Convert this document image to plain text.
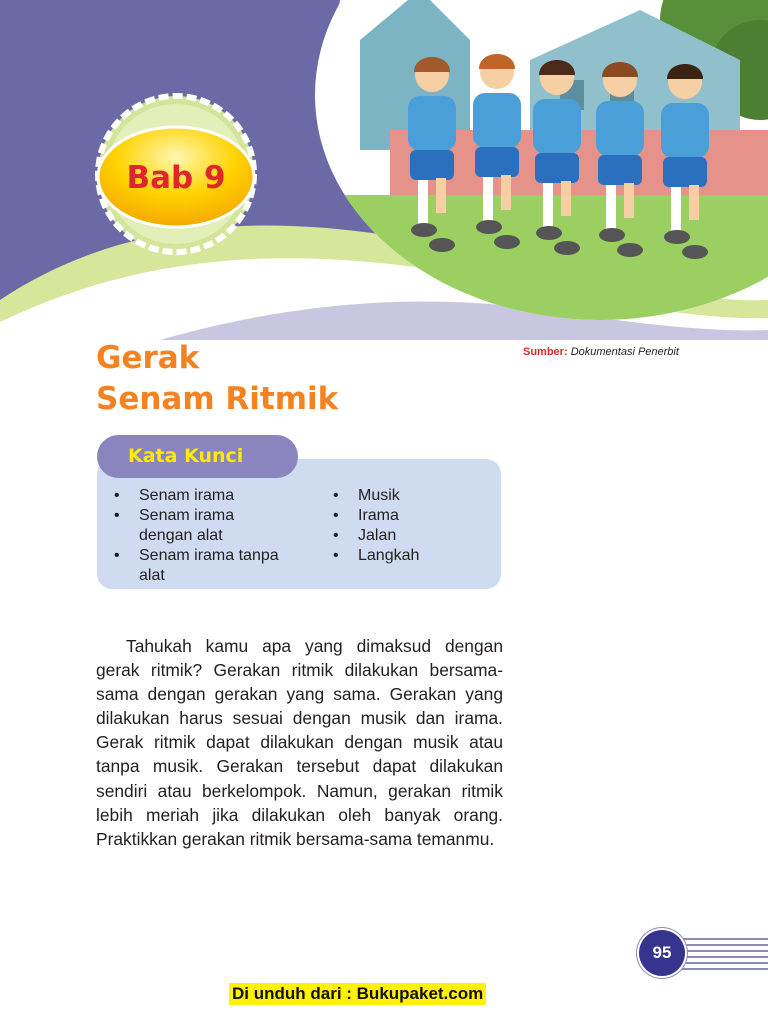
Bab 9
Sumber: Dokumentasi Penerbit
Gerak
Senam Ritmik
Kata Kunci
• Senam irama
• Senam irama dengan alat
• Senam irama tanpa alat
• Musik
• Irama
• Jalan
• Langkah

Tahukah kamu apa yang dimaksud dengan gerak ritmik? Gerakan ritmik dilakukan bersama-sama dengan gerakan yang sama. Gerakan yang dilakukan harus sesuai dengan musik dan irama. Gerak ritmik dapat dilakukan dengan musik atau tanpa musik. Gerakan tersebut dapat dilakukan sendiri atau berkelompok. Namun, gerakan ritmik lebih meriah jika dilakukan oleh banyak orang. Praktikkan gerakan ritmik bersama-sama temanmu.

95
Di unduh dari : Bukupaket.com
